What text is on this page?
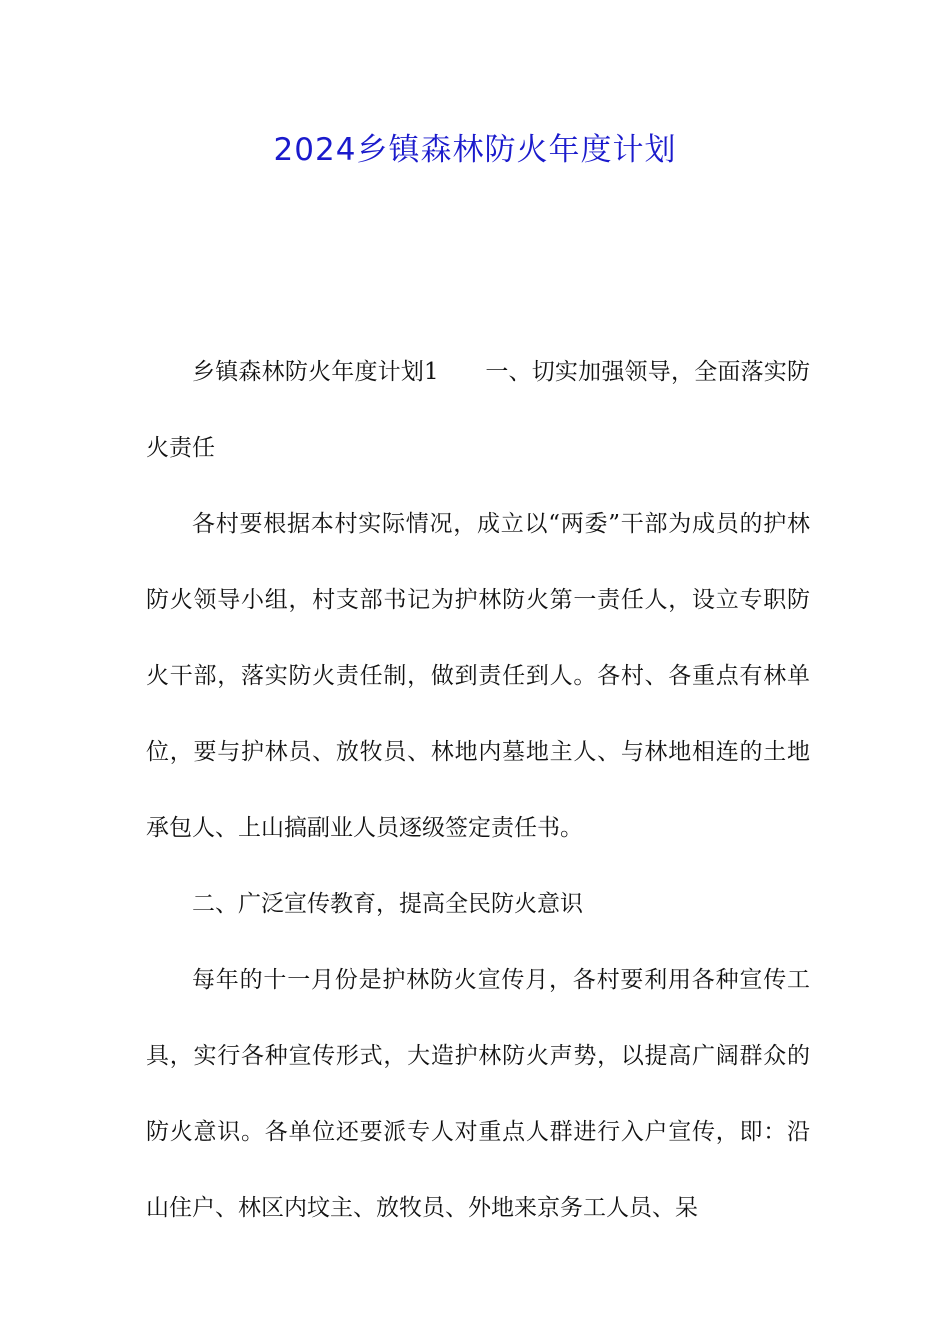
2024乡镇森林防火年度计划

乡镇森林防火年度计划1　　一、切实加强领导，全面落实防火责任

各村要根据本村实际情况，成立以“两委”干部为成员的护林防火领导小组，村支部书记为护林防火第一责任人，设立专职防火干部，落实防火责任制，做到责任到人。各村、各重点有林单位，要与护林员、放牧员、林地内墓地主人、与林地相连的土地承包人、上山搞副业人员逐级签定责任书。

二、广泛宣传教育，提高全民防火意识

每年的十一月份是护林防火宣传月，各村要利用各种宣传工具，实行各种宣传形式，大造护林防火声势，以提高广阔群众的防火意识。各单位还要派专人对重点人群进行入户宣传，即：沿山住户、林区内坟主、放牧员、外地来京务工人员、呆
